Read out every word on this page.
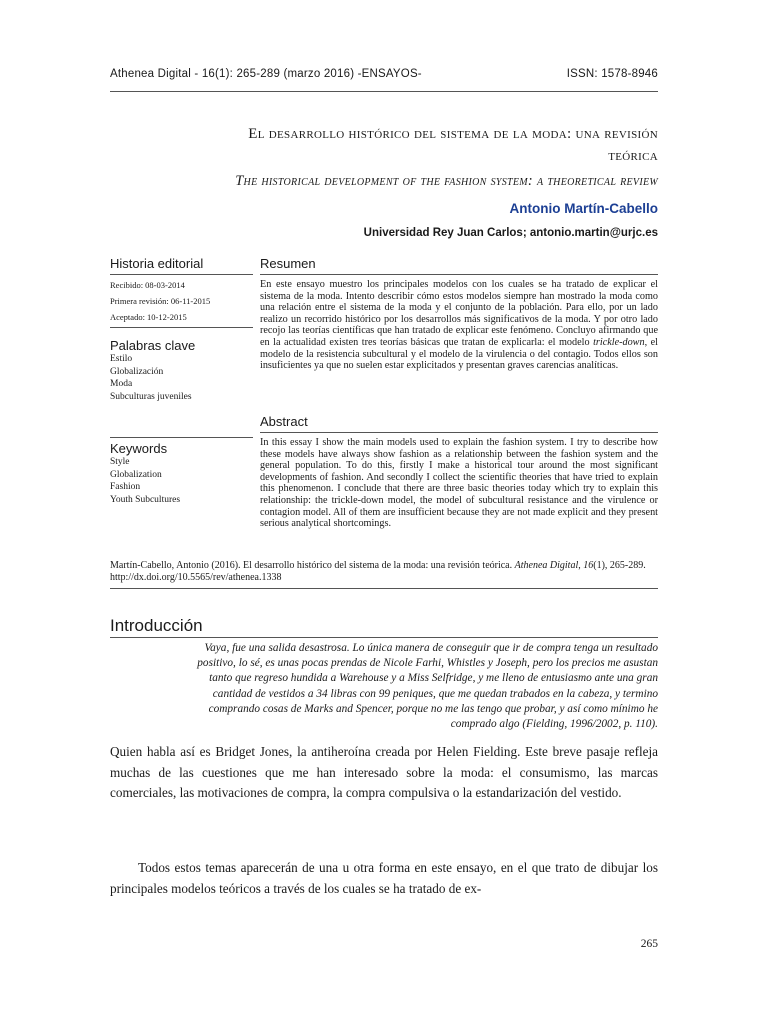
Athenea Digital - 16(1): 265-289 (marzo 2016) -ENSAYOS-	ISSN: 1578-8946
El desarrollo histórico del sistema de la moda: una revisión teórica
The historical development of the fashion system: a theoretical review
Antonio Martín-Cabello
Universidad Rey Juan Carlos; antonio.martin@urjc.es
Historia editorial
Recibido: 08-03-2014
Primera revisión: 06-11-2015
Aceptado: 10-12-2015
Palabras clave
Estilo
Globalización
Moda
Subculturas juveniles
Keywords
Style
Globalization
Fashion
Youth Subcultures
Resumen

En este ensayo muestro los principales modelos con los cuales se ha tratado de explicar el sistema de la moda. Intento describir cómo estos modelos siempre han mostrado la moda como una relación entre el sistema de la moda y el conjunto de la población. Para ello, por un lado realizo un recorrido histórico por los desarrollos más significativos de la moda. Y por otro lado recojo las teorías científicas que han tratado de explicar este fenómeno. Concluyo afirmando que en la actualidad existen tres teorías básicas que tratan de explicarla: el modelo trickle-down, el modelo de la resistencia subcultural y el modelo de la virulencia o del contagio. Todos ellos son insuficientes ya que no suelen estar explicitados y presentan graves carencias analíticas.

Abstract

In this essay I show the main models used to explain the fashion system. I try to describe how these models have always show fashion as a relationship between the fashion system and the general population. To do this, firstly I make a historical tour around the most significant developments of fashion. And secondly I collect the scientific theories that have tried to explain this phenomenon. I conclude that there are three basic theories today which try to explain this relationship: the trickle-down model, the model of subcultural resistance and the virulence or contagion model. All of them are insufficient because they are not made explicit and they present serious analytical shortcomings.

Martín-Cabello, Antonio (2016). El desarrollo histórico del sistema de la moda: una revisión teórica. Athenea Digital, 16(1), 265-289. http://dx.doi.org/10.5565/rev/athenea.1338
Introducción
Vaya, fue una salida desastrosa. Lo única manera de conseguir que ir de compra tenga un resultado positivo, lo sé, es unas pocas prendas de Nicole Farhi, Whistles y Joseph, pero los precios me asustan tanto que regreso hundida a Warehouse y a Miss Selfridge, y me lleno de entusiasmo ante una gran cantidad de vestidos a 34 libras con 99 peniques, que me quedan trabados en la cabeza, y termino comprando cosas de Marks and Spencer, porque no me las tengo que probar, y así como mínimo he comprado algo (Fielding, 1996/2002, p. 110).

Quien habla así es Bridget Jones, la antiheroína creada por Helen Fielding. Este breve pasaje refleja muchas de las cuestiones que me han interesado sobre la moda: el consumismo, las marcas comerciales, las motivaciones de compra, la compra compulsiva o la estandarización del vestido.

Todos estos temas aparecerán de una u otra forma en este ensayo, en el que trato de dibujar los principales modelos teóricos a través de los cuales se ha tratado de ex-

265
